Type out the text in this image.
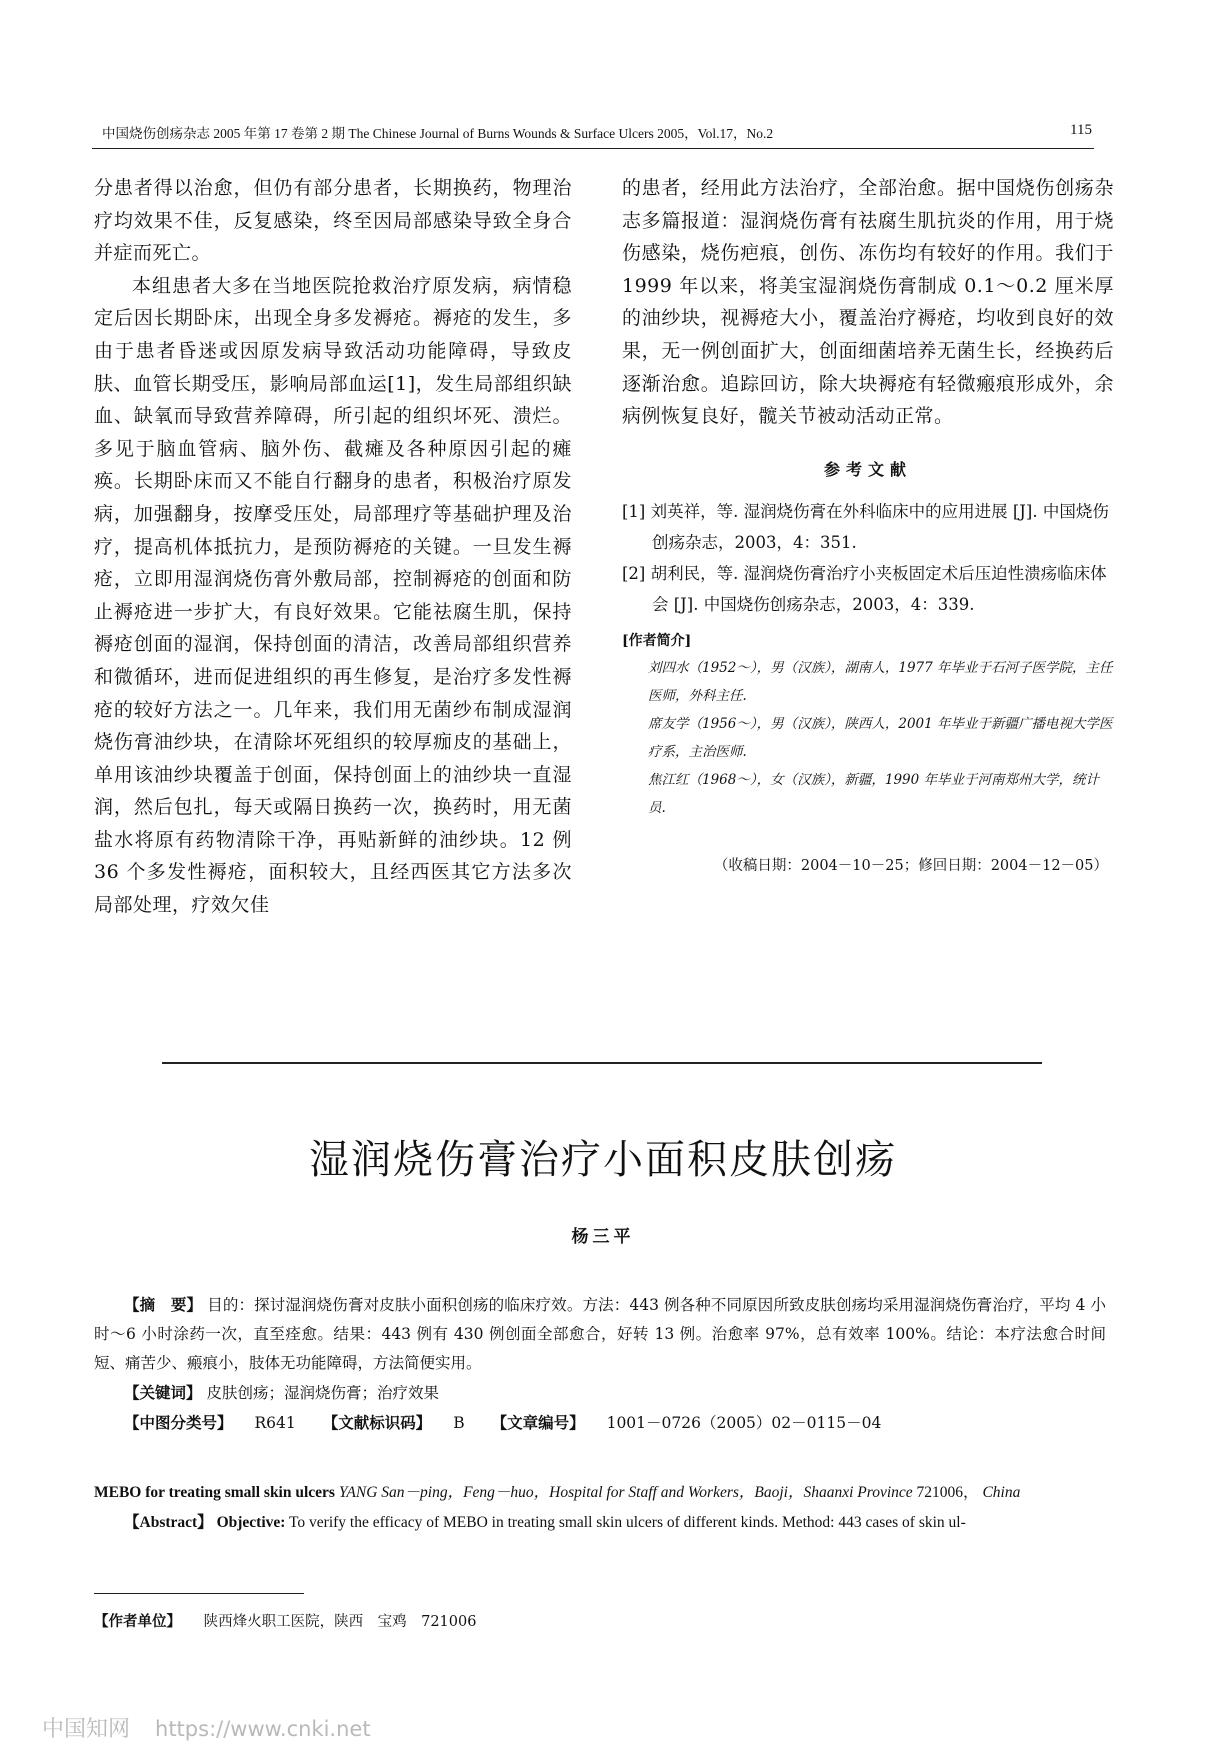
中国烧伤创疡杂志 2005 年第 17 卷第 2 期 The Chinese Journal of Burns Wounds & Surface Ulcers 2005，Vol.17，No.2	115

分患者得以治愈，但仍有部分患者，长期换药，物理治疗均效果不佳，反复感染，终至因局部感染导致全身合并症而死亡。

本组患者大多在当地医院抢救治疗原发病，病情稳定后因长期卧床，出现全身多发褥疮。褥疮的发生，多由于患者昏迷或因原发病导致活动功能障碍，导致皮肤、血管长期受压，影响局部血运[1]，发生局部组织缺血、缺氧而导致营养障碍，所引起的组织坏死、溃烂。多见于脑血管病、脑外伤、截瘫及各种原因引起的瘫痪。长期卧床而又不能自行翻身的患者，积极治疗原发病，加强翻身，按摩受压处，局部理疗等基础护理及治疗，提高机体抵抗力，是预防褥疮的关键。一旦发生褥疮，立即用湿润烧伤膏外敷局部，控制褥疮的创面和防止褥疮进一步扩大，有良好效果。它能祛腐生肌，保持褥疮创面的湿润，保持创面的清洁，改善局部组织营养和微循环，进而促进组织的再生修复，是治疗多发性褥疮的较好方法之一。几年来，我们用无菌纱布制成湿润烧伤膏油纱块，在清除坏死组织的较厚痂皮的基础上，单用该油纱块覆盖于创面，保持创面上的油纱块一直湿润，然后包扎，每天或隔日换药一次，换药时，用无菌盐水将原有药物清除干净，再贴新鲜的油纱块。12 例 36 个多发性褥疮，面积较大，且经西医其它方法多次局部处理，疗效欠佳

的患者，经用此方法治疗，全部治愈。据中国烧伤创疡杂志多篇报道：湿润烧伤膏有祛腐生肌抗炎的作用，用于烧伤感染，烧伤疤痕，创伤、冻伤均有较好的作用。我们于 1999 年以来，将美宝湿润烧伤膏制成 0.1～0.2 厘米厚的油纱块，视褥疮大小，覆盖治疗褥疮，均收到良好的效果，无一例创面扩大，创面细菌培养无菌生长，经换药后逐渐治愈。追踪回访，除大块褥疮有轻微瘢痕形成外，余病例恢复良好，髋关节被动活动正常。

参考文献

[1] 刘英祥，等. 湿润烧伤膏在外科临床中的应用进展 [J]. 中国烧伤创疡杂志，2003，4：351.

[2] 胡利民，等. 湿润烧伤膏治疗小夹板固定术后压迫性溃疡临床体会 [J]. 中国烧伤创疡杂志，2003，4：339.

[作者简介]

刘四水（1952～），男（汉族），湖南人，1977 年毕业于石河子医学院，主任医师，外科主任.

席友学（1956～），男（汉族），陕西人，2001 年毕业于新疆广播电视大学医疗系，主治医师.

焦江红（1968～），女（汉族），新疆，1990 年毕业于河南郑州大学，统计员.

（收稿日期：2004－10－25；修回日期：2004－12－05）
湿润烧伤膏治疗小面积皮肤创疡
杨三平

【摘　要】 目的：探讨湿润烧伤膏对皮肤小面积创疡的临床疗效。方法：443 例各种不同原因所致皮肤创疡均采用湿润烧伤膏治疗，平均 4 小时～6 小时涂药一次，直至痊愈。结果：443 例有 430 例创面全部愈合，好转 13 例。治愈率 97%，总有效率 100%。结论：本疗法愈合时间短、痛苦少、瘢痕小，肢体无功能障碍，方法简便实用。

【关键词】 皮肤创疡；湿润烧伤膏；治疗效果

【中图分类号】 R641 【文献标识码】 B 【文章编号】 1001－0726（2005）02－0115－04

MEBO for treating small skin ulcers YANG San－ping，Feng－huo，Hospital for Staff and Workers，Baoji，Shaanxi Province 721006， China

【Abstract】 Objective: To verify the efficacy of MEBO in treating small skin ulcers of different kinds. Method: 443 cases of skin ul-

【作者单位】 陕西烽火职工医院，陕西　宝鸡　721006
中国知网 https://www.cnki.net
